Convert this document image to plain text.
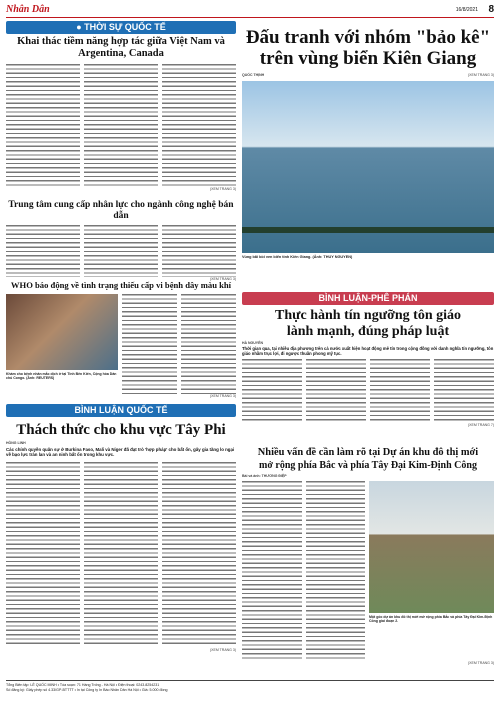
Nhân Dân	16/8/2021 8
● THỜI SỰ QUỐC TẾ
Khai thác tiềm năng hợp tác giữa Việt Nam và Argentina, Canada
(XEM TRANG 3)
Đấu tranh với nhóm "bảo kê"
trên vùng biển Kiên Giang
QUỐC THỊNH	(XEM TRANG 3)
Vùng bãi bồi ven biển tỉnh Kiên Giang. (Ảnh: THUY NGUYEN)
Trung tâm cung cấp nhân lực cho ngành công nghệ bán dẫn
(XEM TRANG 3)
WHO báo động về tình trạng thiếu cấp vi bệnh dây màu khí
Khám cho bệnh nhân mắc dịch ở tại Tỉnh Bến Kiến, Cộng hòa Dân chủ Congo. (Ảnh: REUTERS)
(XEM TRANG 3)
BÌNH LUẬN QUỐC TẾ
Thách thức cho khu vực Tây Phi
HỒNG LINH
Các chính quyền quân sự ở Burkina Faso, Mali và Niger đã đạt trò 'hợp pháp' cho bất ổn, gây gia tăng lo ngại về bạo lực tràn lan và an ninh bất ổn trong khu vực.
(XEM TRANG 3)
BÌNH LUẬN-PHÊ PHÁN
Thực hành tín ngưỡng tôn giáo
lành mạnh, đúng pháp luật
HÀ NGUYÊN
Thời gian qua, tại nhiều địa phương trên cả nước xuất hiện hoạt động mê tín trong cộng đồng với danh nghĩa tín ngưỡng, tôn giáo nhằm trục lợi, đi ngược thuần phong mỹ tục.
(XEM TRANG 7)
Nhiều vấn đề cần làm rõ tại Dự án khu đô thị mới
mở rộng phía Bắc và phía Tây Đại Kim-Định Công
Bài và ảnh: THƯƠNG ĐIỆP
Một góc dự án khu đô thị mới mở rộng phía Bắc và phía Tây Đại Kim-Định Công giai đoạn 2.
(XEM TRANG 3)
Tổng Biên tập: LÊ QUỐC MINH • Tòa soạn: 71 Hàng Trống - Hà Nội • Điện thoại: 0243.8254231
Số đăng ký: Giấy phép số 4.33/GP-BTTTT • In tại Công ty In Báo Nhân Dân Hà Nội • Giá: 5.000 đồng
